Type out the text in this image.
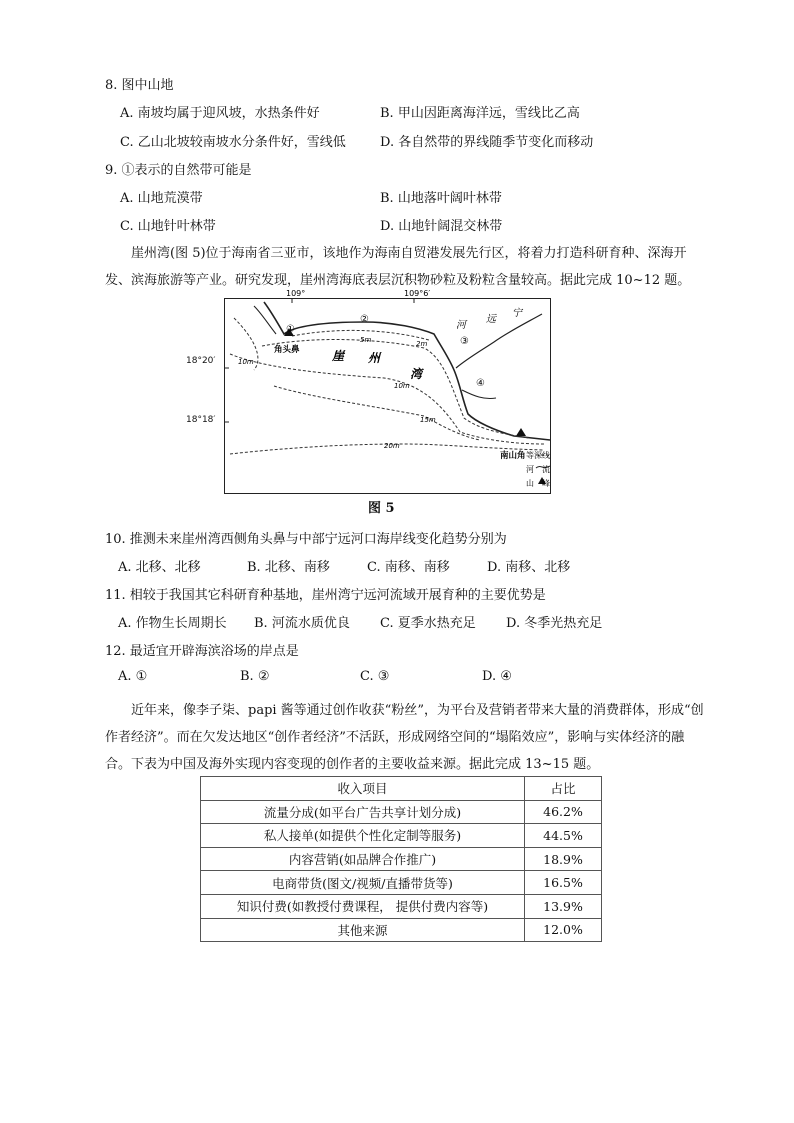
8. 图中山地
A. 南坡均属于迎风坡，水热条件好	B. 甲山因距离海洋远，雪线比乙高
C. 乙山北坡较南坡水分条件好，雪线低	D. 各自然带的界线随季节变化而移动
9. ①表示的自然带可能是
A. 山地荒漠带	B. 山地落叶阔叶林带
C. 山地针叶林带	D. 山地针阔混交林带
崖州湾(图 5)位于海南省三亚市，该地作为海南自贸港发展先行区，将着力打造科研育种、深海开发、滨海旅游等产业。研究发现，崖州湾海底表层沉积物砂粒及粉粒含量较高。据此完成 10~12 题。
109°	109°6′
角头鼻	崖 州
湾
河
远
宁
南山角
5m	2m
10m
10m
15m
20m
①
②
③
④
等深线
河　流
山　峰
18°20′
18°18′
图 5
10. 推测未来崖州湾西侧角头鼻与中部宁远河口海岸线变化趋势分别为
A. 北移、北移	B. 北移、南移	C. 南移、南移	D. 南移、北移
11. 相较于我国其它科研育种基地，崖州湾宁远河流域开展育种的主要优势是
A. 作物生长周期长 B. 河流水质优良 C. 夏季水热充足 D. 冬季光热充足
12. 最适宜开辟海滨浴场的岸点是
A. ①	B. ②	C. ③	D. ④
近年来，像李子柒、papi 酱等通过创作收获“粉丝”，为平台及营销者带来大量的消费群体，形成“创作者经济”。而在欠发达地区“创作者经济”不活跃，形成网络空间的“塌陷效应”，影响与实体经济的融合。下表为中国及海外实现内容变现的创作者的主要收益来源。据此完成 13~15 题。
收入项目	占比
流量分成(如平台广告共享计划分成)	46.2%
私人接单(如提供个性化定制等服务)	44.5%
内容营销(如品牌合作推广)	18.9%
电商带货(图文/视频/直播带货等)	16.5%
知识付费(如教授付费课程， 提供付费内容等)	13.9%
其他来源	12.0%
